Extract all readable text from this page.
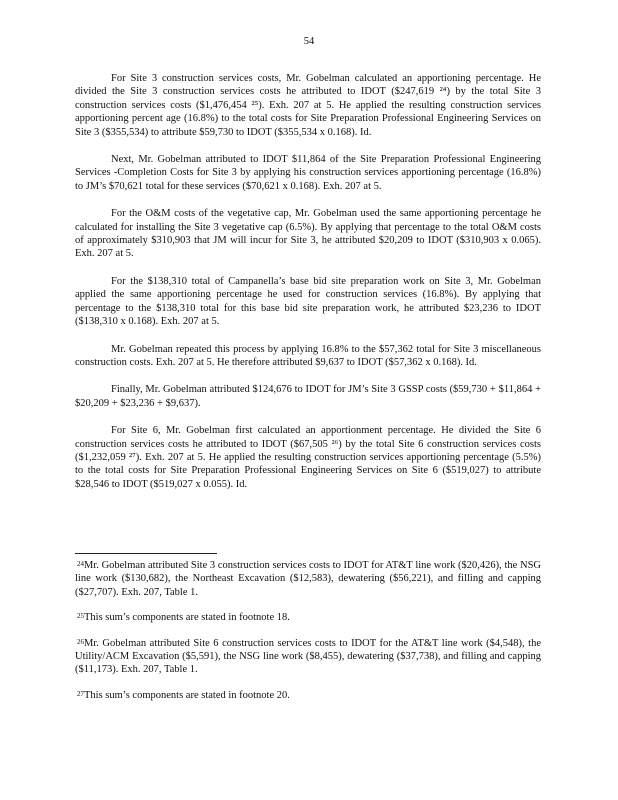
54

For Site 3 construction services costs, Mr. Gobelman calculated an apportioning percentage. He divided the Site 3 construction services costs he attributed to IDOT ($247,619 ²⁴) by the total Site 3 construction services costs ($1,476,454 ²⁵). Exh. 207 at 5. He applied the resulting construction services apportioning percent age (16.8%) to the total costs for Site Preparation Professional Engineering Services on Site 3 ($355,534) to attribute $59,730 to IDOT ($355,534 x 0.168). Id.

Next, Mr. Gobelman attributed to IDOT $11,864 of the Site Preparation Professional Engineering Services -Completion Costs for Site 3 by applying his construction services apportioning percentage (16.8%) to JM’s $70,621 total for these services ($70,621 x 0.168). Exh. 207 at 5.

For the O&M costs of the vegetative cap, Mr. Gobelman used the same apportioning percentage he calculated for installing the Site 3 vegetative cap (6.5%). By applying that percentage to the total O&M costs of approximately $310,903 that JM will incur for Site 3, he attributed $20,209 to IDOT ($310,903 x 0.065). Exh. 207 at 5.

For the $138,310 total of Campanella’s base bid site preparation work on Site 3, Mr. Gobelman applied the same apportioning percentage he used for construction services (16.8%). By applying that percentage to the $138,310 total for this base bid site preparation work, he attributed $23,236 to IDOT ($138,310 x 0.168). Exh. 207 at 5.

Mr. Gobelman repeated this process by applying 16.8% to the $57,362 total for Site 3 miscellaneous construction costs. Exh. 207 at 5. He therefore attributed $9,637 to IDOT ($57,362 x 0.168). Id.

Finally, Mr. Gobelman attributed $124,676 to IDOT for JM’s Site 3 GSSP costs ($59,730 + $11,864 + $20,209 + $23,236 + $9,637).

For Site 6, Mr. Gobelman first calculated an apportionment percentage. He divided the Site 6 construction services costs he attributed to IDOT ($67,505 ²⁶) by the total Site 6 construction services costs ($1,232,059 ²⁷). Exh. 207 at 5. He applied the resulting construction services apportioning percentage (5.5%) to the total costs for Site Preparation Professional Engineering Services on Site 6 ($519,027) to attribute $28,546 to IDOT ($519,027 x 0.055). Id.

$^{24}$Mr. Gobelman attributed Site 3 construction services costs to IDOT for AT&T line work ($20,426), the NSG line work ($130,682), the Northeast Excavation ($12,583), dewatering ($56,221), and filling and capping ($27,707). Exh. 207, Table 1.

$^{25}$This sum’s components are stated in footnote 18.

$^{26}$Mr. Gobelman attributed Site 6 construction services costs to IDOT for the AT&T line work ($4,548), the Utility/ACM Excavation ($5,591), the NSG line work ($8,455), dewatering ($37,738), and filling and capping ($11,173). Exh. 207, Table 1.

$^{27}$This sum’s components are stated in footnote 20.
